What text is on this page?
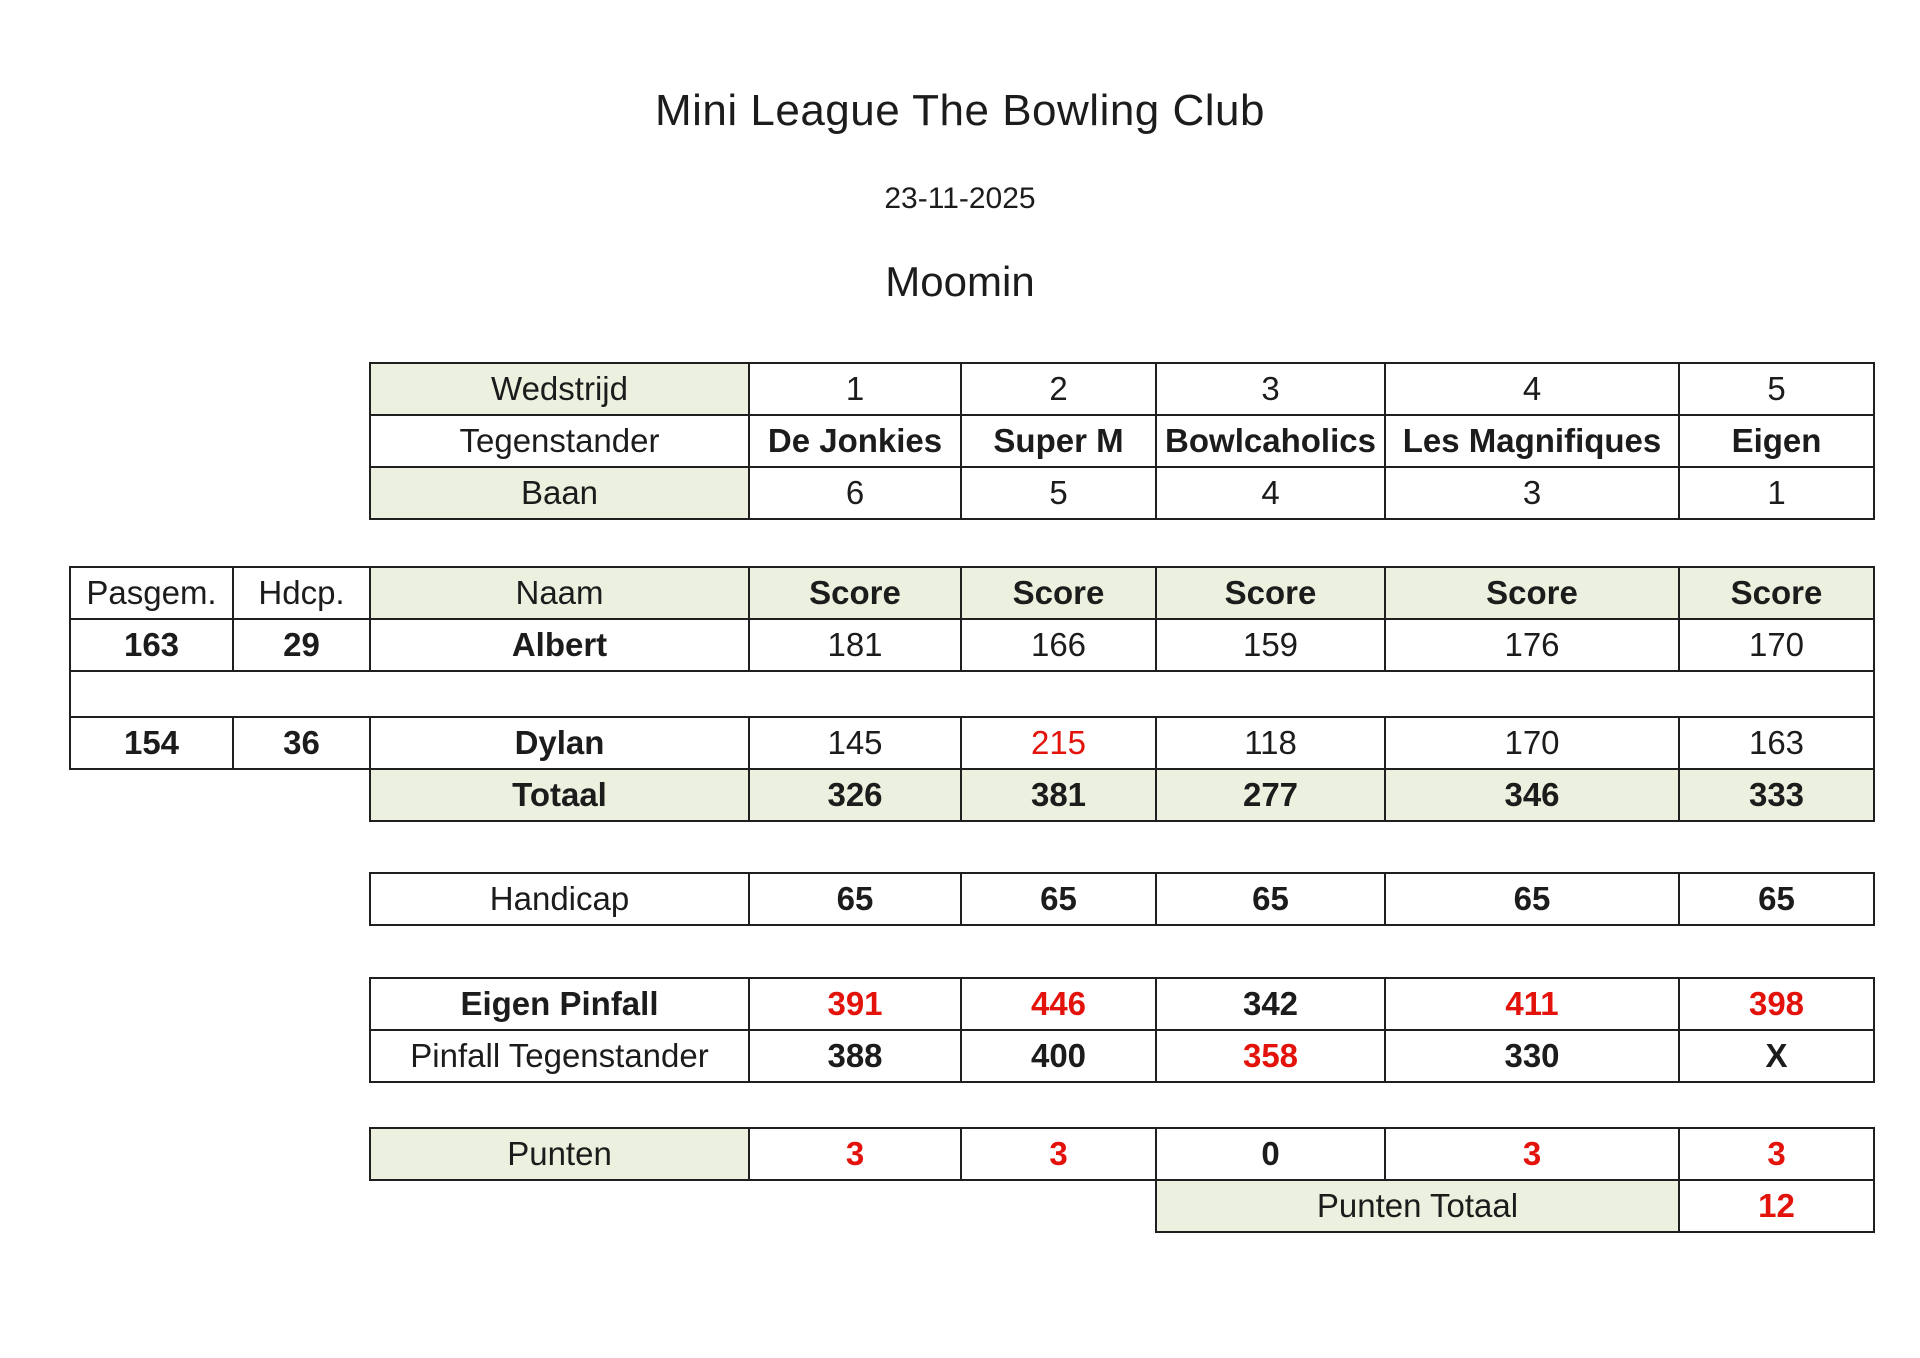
Mini League The Bowling Club
23-11-2025
Moomin
Wedstrijd	1	2	3	4	5
Tegenstander	De Jonkies	Super M	Bowlcaholics	Les Magnifiques	Eigen
Baan	6	5	4	3	1
Pasgem.	Hdcp.	Naam	Score	Score	Score	Score	Score
163	29	Albert	181	166	159	176	170

154	36	Dylan	145	215	118	170	163
		Totaal	326	381	277	346	333
Handicap	65	65	65	65	65
Eigen Pinfall	391	446	342	411	398
Pinfall Tegenstander	388	400	358	330	X
Punten	3	3	0	3	3
			Punten Totaal		12
